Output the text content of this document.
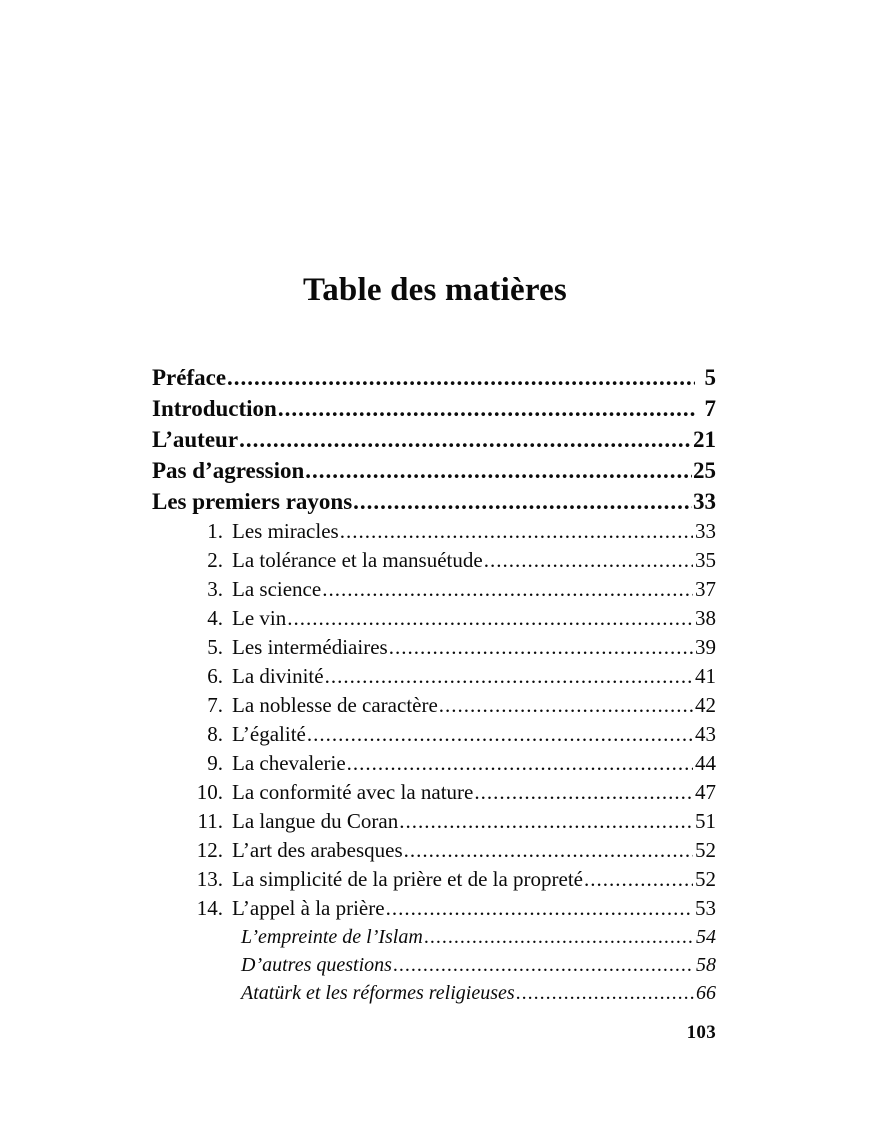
Table des matières
Préface .....	5
Introduction .....	7
L’auteur .....	21
Pas d’agression .....	25
Les premiers rayons .....	33
1. Les miracles .....	33
2. La tolérance et la mansuétude .....	35
3. La science .....	37
4. Le vin .....	38
5. Les intermédiaires .....	39
6. La divinité .....	41
7. La noblesse de caractère .....	42
8. L’égalité .....	43
9. La chevalerie .....	44
10. La conformité avec la nature .....	47
11. La langue du Coran .....	51
12. L’art des arabesques .....	52
13. La simplicité de la prière et de la propreté .....	52
14. L’appel à la prière .....	53
L’empreinte de l’Islam .....	54
D’autres questions .....	58
Atatürk et les réformes religieuses .....	66
103
